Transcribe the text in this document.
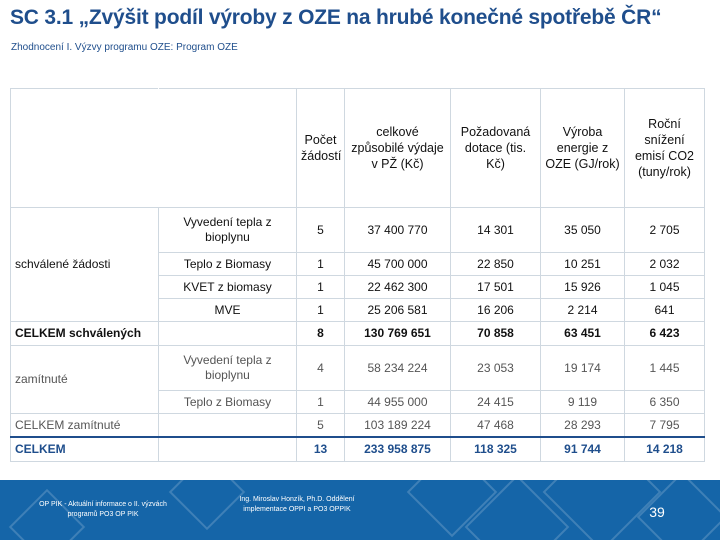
SC 3.1 „Zvýšit podíl výroby z OZE na hrubé konečné spotřebě ČR“
Zhodnocení I. Výzvy programu OZE: Program OZE
		Počet žádostí	celkové způsobilé výdaje v PŽ (Kč)	Požadovaná dotace (tis. Kč)	Výroba energie z OZE (GJ/rok)	Roční snížení emisí CO2 (tuny/rok)
schválené žádosti	Vyvedení tepla z bioplynu	5	37 400 770	14 301	35 050	2 705
	Teplo z Biomasy	1	45 700 000	22 850	10 251	2 032
	KVET z biomasy	1	22 462 300	17 501	15 926	1 045
	MVE	1	25 206 581	16 206	2 214	641
CELKEM schválených		8	130 769 651	70 858	63 451	6 423
zamítnuté	Vyvedení tepla z bioplynu	4	58 234 224	23 053	19 174	1 445
	Teplo z Biomasy	1	44 955 000	24 415	9 119	6 350
CELKEM zamítnuté		5	103 189 224	47 468	28 293	7 795
CELKEM		13	233 958 875	118 325	91 744	14 218
OP PIK - Aktuální informace o II. výzvách programů PO3 OP PIK
Ing. Miroslav Honzík, Ph.D. Oddělení implementace OPPI a PO3 OPPIK	39
